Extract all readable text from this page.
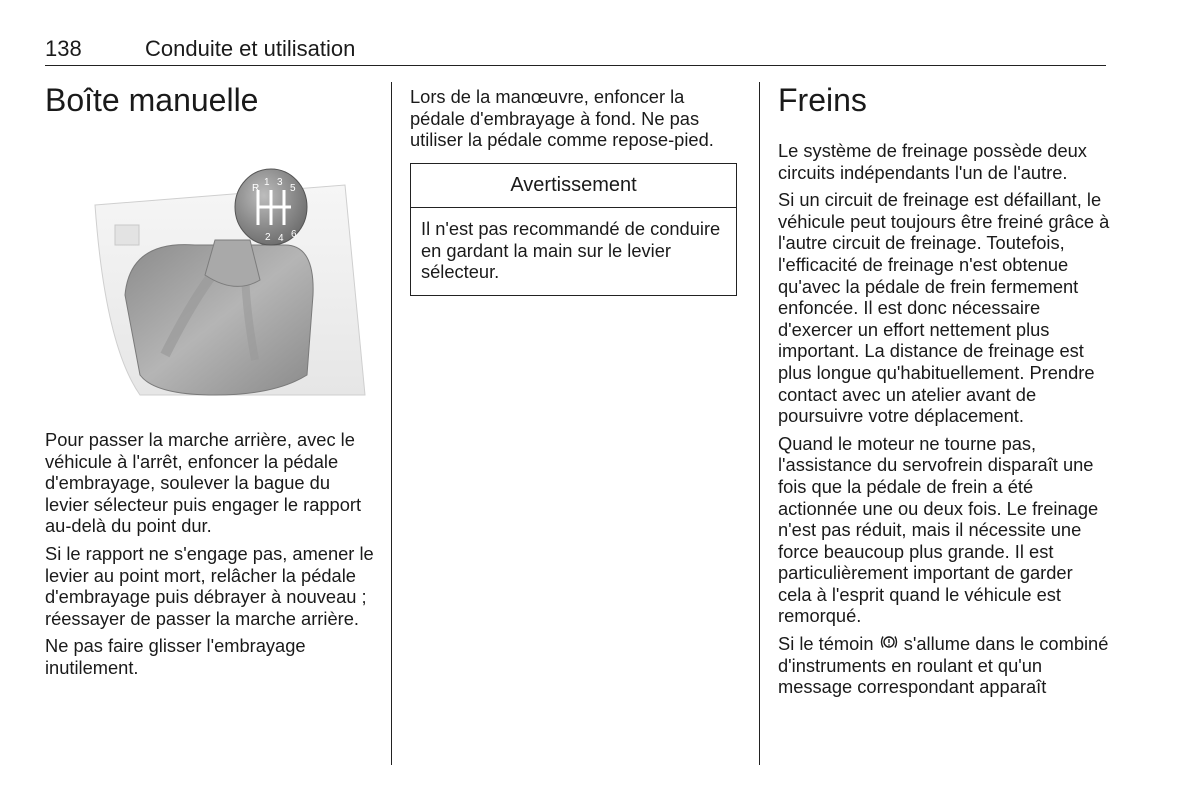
138	Conduite et utilisation
Boîte manuelle
R
1 3
5
2 4 6

Pour passer la marche arrière, avec le véhicule à l'arrêt, enfoncer la pédale d'embrayage, soulever la bague du levier sélecteur puis engager le rapport au-delà du point dur.

Si le rapport ne s'engage pas, amener le levier au point mort, relâcher la pédale d'embrayage puis débrayer à nouveau ; réessayer de passer la marche arrière.

Ne pas faire glisser l'embrayage inutilement.

Lors de la manœuvre, enfoncer la pédale d'embrayage à fond. Ne pas utiliser la pédale comme repose-pied.

Avertissement
Il n'est pas recommandé de conduire en gardant la main sur le levier sélecteur.
Freins

Le système de freinage possède deux circuits indépendants l'un de l'autre.

Si un circuit de freinage est défaillant, le véhicule peut toujours être freiné grâce à l'autre circuit de freinage. Toutefois, l'efficacité de freinage n'est obtenue qu'avec la pédale de frein fermement enfoncée. Il est donc nécessaire d'exercer un effort nettement plus important. La distance de freinage est plus longue qu'habituellement. Prendre contact avec un atelier avant de poursuivre votre déplacement.

Quand le moteur ne tourne pas, l'assistance du servofrein disparaît une fois que la pédale de frein a été actionnée une ou deux fois. Le freinage n'est pas réduit, mais il nécessite une force beaucoup plus grande. Il est particulièrement important de garder cela à l'esprit quand le véhicule est remorqué.

Si le témoin s'allume dans le combiné d'instruments en roulant et qu'un message correspondant apparaît
